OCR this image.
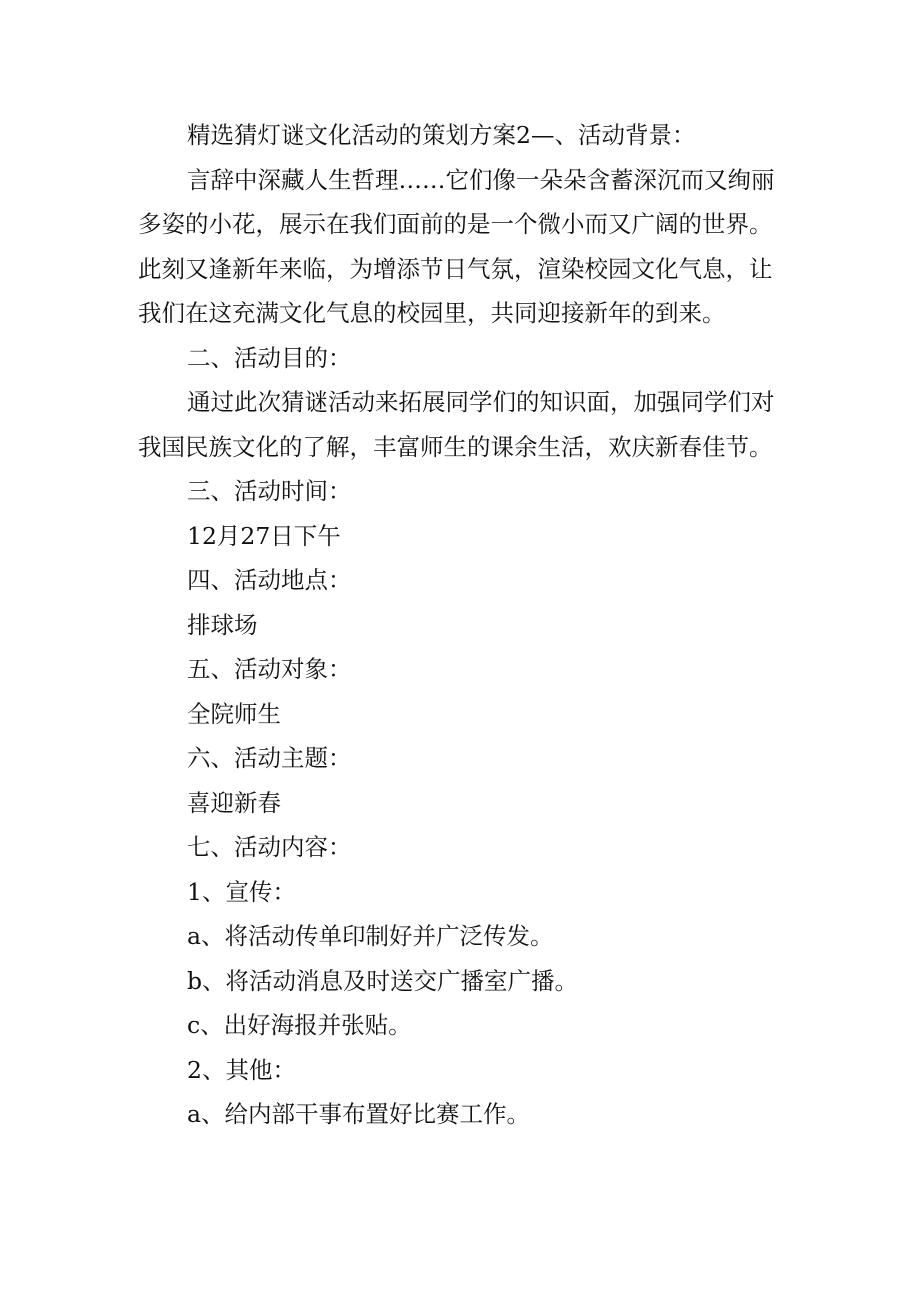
精选猜灯谜文化活动的策划方案2—、活动背景：

言辞中深藏人生哲理……它们像一朵朵含蓄深沉而又绚丽多姿的小花，展示在我们面前的是一个微小而又广阔的世界。此刻又逢新年来临，为增添节日气氛，渲染校园文化气息，让我们在这充满文化气息的校园里，共同迎接新年的到来。

二、活动目的：

通过此次猜谜活动来拓展同学们的知识面，加强同学们对我国民族文化的了解，丰富师生的课余生活，欢庆新春佳节。

三、活动时间：

12月27日下午

四、活动地点：

排球场

五、活动对象：

全院师生

六、活动主题：

喜迎新春

七、活动内容：

1、宣传：

a、将活动传单印制好并广泛传发。

b、将活动消息及时送交广播室广播。

c、出好海报并张贴。

2、其他：

a、给内部干事布置好比赛工作。
